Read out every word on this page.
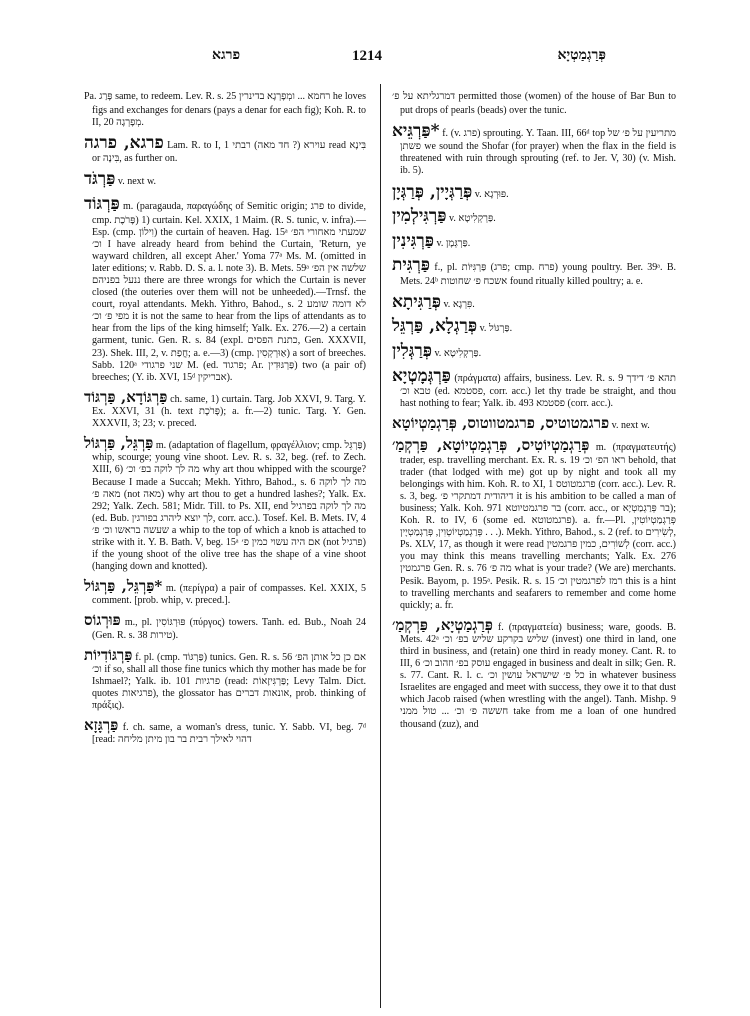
פרגא	1214	פְּרַגְמַטְיָא

Pa. פָּרַג same, to redeem. Lev. R. s. 25 רחמא ... ומְפָרְגָא בדינרין he loves figs and exchanges for denars (pays a denar for each fig); Koh. R. to II, 20 מְפָרְגָה.

פרגא, פרגה Lam. R. to I, 1 עוירא (? חד מאה) רבתי read בִּינָא or בִּינָה, as further on.

פַּרְגֹּד v. next w.

פַּרְגּוֹד m. (paragauda, παραγώδης of Semitic origin; פרג to divide, cmp. פָּרֹכֶת) 1) curtain. Kel. XXIX, 1 Maim. (R. S. tunic, v. infra).—Esp. (cmp. וִילוֹן) the curtain of heaven. Hag. 15ᵃ שמעתי מאחורי הפ׳ וכ׳ I have already heard from behind the Curtain, 'Return, ye wayward children, all except Aher.' Yoma 77ᵃ Ms. M. (omitted in later editions; v. Rabb. D. S. a. l. note 3). B. Mets. 59ᵃ שלשה אין הפ׳ ננעל בפניהם there are three wrongs for which the Curtain is never closed (the outeries over them will not be unheeded).—Trnsf. the court, royal attendants. Mekh. Yithro, Bahod., s. 2 לא דומה שומע מפי פ׳ וכ׳ it is not the same to hear from the lips of attendants as to hear from the lips of the king himself; Yalk. Ex. 276.—2) a certain garment, tunic. Gen. R. s. 84 (expl. כתנת הפסים, Gen. XXXVII, 23). Shek. III, 2, v. חֲפַת; a. e.—3) (cmp. אַוּרְקְסִין) a sort of breeches. Sabb. 120ᵃ שני פרגודי M. (ed. פרגוד; Ar. פַּרְגּוּדִין) two (a pair of) breeches; (Y. ib. XVI, 15ᵈ אבריקין).

פַּרְגּוֹדָא, פַּרְגּוֹד ch. same, 1) curtain. Targ. Job XXVI, 9. Targ. Y. Ex. XXVI, 31 (h. text פָּרֹכֶת); a. fr.—2) tunic. Targ. Y. Gen. XXXVII, 3; 23; v. preced.

פַּרְגֵּל, פַּרְגּוֹל m. (adaptation of flagellum, φραγέλλιον; cmp. פַּרְגֵּל) whip, scourge; young vine shoot. Lev. R. s. 32, beg. (ref. to Zech. XIII, 6) מה לך לוקה בפ׳ וכ׳ why art thou whipped with the scourge? Because I made a Succah; Mekh. Yithro, Bahod., s. 6 מה לך לוקה מאה פ׳ (not מאה) why art thou to get a hundred lashes?; Yalk. Ex. 292; Yalk. Zech. 581; Midr. Till. to Ps. XII, end מה לך לוקה בפרגיל (ed. Bub. לך יוצא ליהרג בפורגין, corr. acc.). Tosef. Kel. B. Mets. IV, 4 שעשה בראשו וכ׳ פ׳ a whip to the top of which a knob is attached to strike with it. Y. B. Bath. V, beg. 15ᵃ אם היה עשוי כמין פ׳ (not פרגיל) if the young shoot of the olive tree has the shape of a vine shoot (hanging down and knotted).

פַּרְגֵּל, פַּרְגּוֹל* m. (περίγρα) a pair of compasses. Kel. XXIX, 5 comment. [prob. whip, v. preced.].

פּוּרְגוֹס m., pl. פּוּרְגּוֹסִין (πύργος) towers. Tanh. ed. Bub., Noah 24 (Gen. R. s. 38 טירות).

פַּרְגּוֹדִיוֹת f. pl. (cmp. פַּרְגּוֹד) tunics. Gen. R. s. 56 אם כן כל אותן הפ׳ וכ׳ if so, shall all those fine tunics which thy mother has made be for Ishmael?; Yalk. ib. 101 פרגיות (read: פַּרְגִּיזָאוֹת; Levy Talm. Dict. quotes פרגיאות), the glossator has אונאות דברים, prob. thinking of πράξις).

פַּרְגָּזָא f. ch. same, a woman's dress, tunic. Y. Sabb. VI, beg. 7ᵈ [read: דהוי לאילך רבית בר בון מיתן מליחה

דמרגליתא על פ׳ permitted those (women) of the house of Bar Bun to put drops of pearls (beads) over the tunic.

פַּרְגֵּיא* f. (v. פרג) sprouting. Y. Taan. III, 66ᵈ top מתריעין על פ׳ של פשתן we sound the Shofar (for prayer) when the flax in the field is threatened with ruin through sprouting (ref. to Jer. V, 30) (v. Mish. ib. 5).

פְּרַגְּיָין, פְּרַגְּיָן v. פּוּרְגָא.

פַּרְגִּילְמִין v. פַּרְקְלִיטָא.

פַּרְגִּינִין v. פַּרְגְּמָן.

פַּרְגִּית f., pl. פַּרְגִּיּוֹת (פרג; cmp. פרח) young poultry. Ber. 39ᵃ. B. Mets. 24ᵇ אשכח פ׳ שחוטות found ritually killed poultry; a. e.

פְּרַגִּיתָא v. פִּרְגָא.

פְּרַגְלָא, פַּרְגֵּל v. פַּרְגּוֹל.

פְּרַגְּלִין v. פַּרְקְלִיטָא.

פַּרְגְּמָטְיָא (πράγματα) affairs, business. Lev. R. s. 9 תהא פ׳ דידך טבא וכ׳ (ed. פסטמא, corr. acc.) let thy trade be straight, and thou hast nothing to fear; Yalk. ib. 493 פסטמא (corr. acc.).

פרגמטוטיס, פרגמטווטוס, פְּרַגְמַטְיוֹטָא v. next w.

פְּרַגְמַטְיוֹטִיס, פְּרַגְמַטְיוֹטָא, פַּרְקְמַ׳ m. (πραγματευτής) trader, esp. travelling merchant. Ex. R. s. 19 ראו הפ׳ וכ׳ behold, that trader (that lodged with me) got up by night and took all my belongings with him. Koh. R. to XI, 1 פרגמטוטס (corr. acc.). Lev. R. s. 3, beg. דיהודית דמתקרי פ׳ it is his ambition to be called a man of business; Yalk. Koh. 971 בר פרגמטיוטא (corr. acc., or בר פְּרַגְמַטְיָא); Koh. R. to IV, 6 (some ed. פרגמטוטא). a. fr.—Pl. פְּרַגְמַטְיוֹטִין, פְּרַגְמַטְיוֹטְוִין, פְּרַגְמַטְיָין . . .). Mekh. Yithro, Bahod., s. 2 (ref. to לְשִׂירִים, Ps. XLV, 17, as though it were read לְשׁוֹרִים, כמין פרגמטין (corr. acc.) you may think this means travelling merchants; Yalk. Ex. 276 פרגמטין Gen. R. s. 76 מה פ׳ what is your trade? (We are) merchants. Pesik. Bayom, p. 195ᵃ. Pesik. R. s. 15 רמז לפרגמטין וכ׳ this is a hint to travelling merchants and seafarers to remember and come home quickly; a. fr.

פְּרַגְמַטְיָא, פַּרְקְמַ׳ f. (πραγματεία) business; ware, goods. B. Mets. 42ᵃ שליש בקרקע שליש בפ׳ וכ׳ (invest) one third in land, one third in business, and (retain) one third in ready money. Cant. R. to III, 6 עוסק בפ׳ וזהוב וכ׳ engaged in business and dealt in silk; Gen. R. s. 77. Cant. R. l. c. כל פ׳ שישראל עושין וכ׳ in whatever business Israelites are engaged and meet with success, they owe it to that dust which Jacob raised (when wrestling with the angel). Tanh. Mishp. 9 חששה פ׳ וכ׳ ... טול ממני take from me a loan of one hundred thousand (zuz), and
